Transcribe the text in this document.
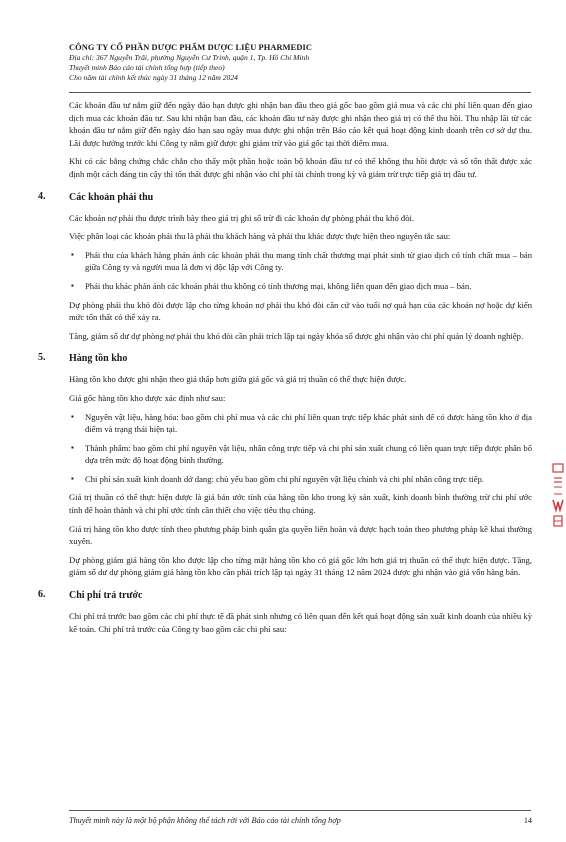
CÔNG TY CỔ PHẦN DƯỢC PHẨM DƯỢC LIỆU PHARMEDIC
Địa chỉ: 367 Nguyễn Trãi, phường Nguyễn Cư Trinh, quận 1, Tp. Hồ Chí Minh
Thuyết minh Báo cáo tài chính tổng hợp (tiếp theo)
Cho năm tài chính kết thúc ngày 31 tháng 12 năm 2024

Các khoản đầu tư nắm giữ đến ngày đáo hạn được ghi nhận ban đầu theo giá gốc bao gồm giá mua và các chi phí liên quan đến giao dịch mua các khoản đầu tư. Sau khi nhận ban đầu, các khoản đầu tư này được ghi nhận theo giá trị có thể thu hồi. Thu nhập lãi từ các khoản đầu tư nắm giữ đến ngày đáo hạn sau ngày mua được ghi nhận trên Báo cáo kết quả hoạt động kinh doanh trên cơ sở dự thu. Lãi được hưởng trước khi Công ty nắm giữ được ghi giảm trừ vào giá gốc tại thời điểm mua.

Khi có các bằng chứng chắc chắn cho thấy một phần hoặc toàn bộ khoản đầu tư có thể không thu hồi được và số tổn thất được xác định một cách đáng tin cậy thì tổn thất được ghi nhận vào chi phí tài chính trong kỳ và giảm trừ trực tiếp giá trị đầu tư.

4. Các khoản phải thu

Các khoản nợ phải thu được trình bày theo giá trị ghi sổ trừ đi các khoản dự phòng phải thu khó đòi.

Việc phân loại các khoản phải thu là phải thu khách hàng và phải thu khác được thực hiện theo nguyên tắc sau:

▪ Phải thu của khách hàng phản ánh các khoản phải thu mang tính chất thương mại phát sinh từ giao dịch có tính chất mua – bán giữa Công ty và người mua là đơn vị độc lập với Công ty.
▪ Phải thu khác phản ánh các khoản phải thu không có tính thương mại, không liên quan đến giao dịch mua – bán.

Dự phòng phải thu khó đòi được lập cho từng khoản nợ phải thu khó đòi căn cứ vào tuổi nợ quá hạn của các khoản nợ hoặc dự kiến mức tổn thất có thể xảy ra.

Tăng, giảm số dư dự phòng nợ phải thu khó đòi cần phải trích lập tại ngày khóa sổ được ghi nhận vào chi phí quản lý doanh nghiệp.

5. Hàng tồn kho

Hàng tồn kho được ghi nhận theo giá thấp hơn giữa giá gốc và giá trị thuần có thể thực hiện được.

Giá gốc hàng tồn kho được xác định như sau:

▪ Nguyên vật liệu, hàng hóa: bao gồm chi phí mua và các chi phí liên quan trực tiếp khác phát sinh để có được hàng tồn kho ở địa điểm và trạng thái hiện tại.
▪ Thành phẩm: bao gồm chi phí nguyên vật liệu, nhân công trực tiếp và chi phí sản xuất chung có liên quan trực tiếp được phân bổ dựa trên mức độ hoạt động bình thường.
▪ Chi phí sản xuất kinh doanh dở dang: chủ yếu bao gồm chi phí nguyên vật liệu chính và chi phí nhân công trực tiếp.

Giá trị thuần có thể thực hiện được là giá bán ước tính của hàng tồn kho trong kỳ sản xuất, kinh doanh bình thường trừ chi phí ước tính để hoàn thành và chi phí ước tính cần thiết cho việc tiêu thụ chúng.

Giá trị hàng tồn kho được tính theo phương pháp bình quân gia quyền liên hoàn và được hạch toán theo phương pháp kê khai thường xuyên.

Dự phòng giảm giá hàng tồn kho được lập cho từng mặt hàng tồn kho có giá gốc lớn hơn giá trị thuần có thể thực hiện được. Tăng, giảm số dư dự phòng giảm giá hàng tồn kho cần phải trích lập tại ngày 31 tháng 12 năm 2024 được ghi nhận vào giá vốn hàng bán.

6. Chi phí trả trước

Chi phí trả trước bao gồm các chi phí thực tế đã phát sinh nhưng có liên quan đến kết quả hoạt động sản xuất kinh doanh của nhiều kỳ kế toán. Chi phí trả trước của Công ty bao gồm các chi phí sau:

Thuyết minh này là một bộ phận không thể tách rời với Báo cáo tài chính tổng hợp	14
